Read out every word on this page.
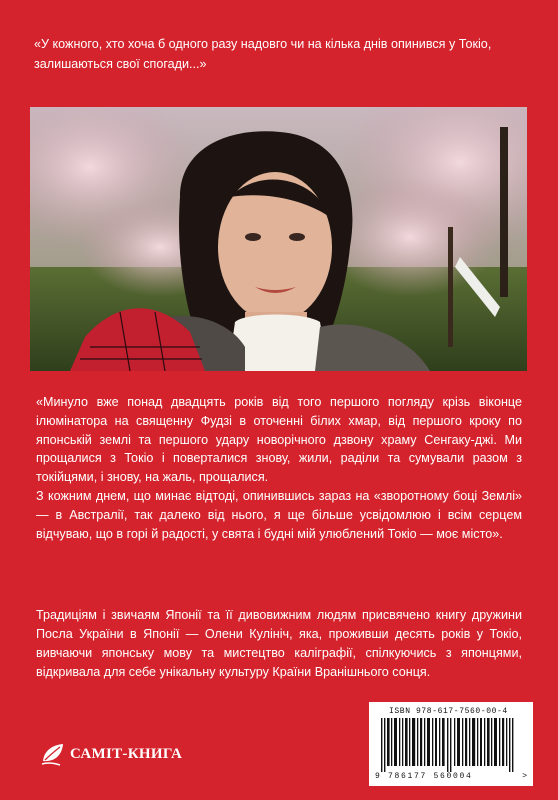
«У кожного, хто хоча б одного разу надовго чи на кілька днів опинився у Токіо, залишаються свої спогади...»

«Минуло вже понад двадцять років від того першого погляду крізь віконце ілюмінатора на священну Фудзі в оточенні білих хмар, від першого кроку по японській землі та першого удару новорічного дзвону храму Сенгаку-джі. Ми прощалися з Токіо і поверталися знову, жили, раділи та сумували разом з токійцями, і знову, на жаль, прощалися.

З кожним днем, що минає відтоді, опинившись зараз на «зворотному боці Землі» — в Австралії, так далеко від нього, я ще більше усвідомлюю і всім серцем відчуваю, що в горі й радості, у свята і будні мій улюблений Токіо — моє місто».

Традиціям і звичаям Японії та її дивовижним людям присвячено книгу дружини Посла України в Японії — Олени Кулініч, яка, проживши десять років у Токіо, вивчаючи японську мову та мистецтво каліграфії, спілкуючись з японцями, відкривала для себе унікальну культуру Країни Вранішнього сонця.
САМІТ-КНИГА
ISBN 978-617-7560-00-4
9 786177 560004	>
